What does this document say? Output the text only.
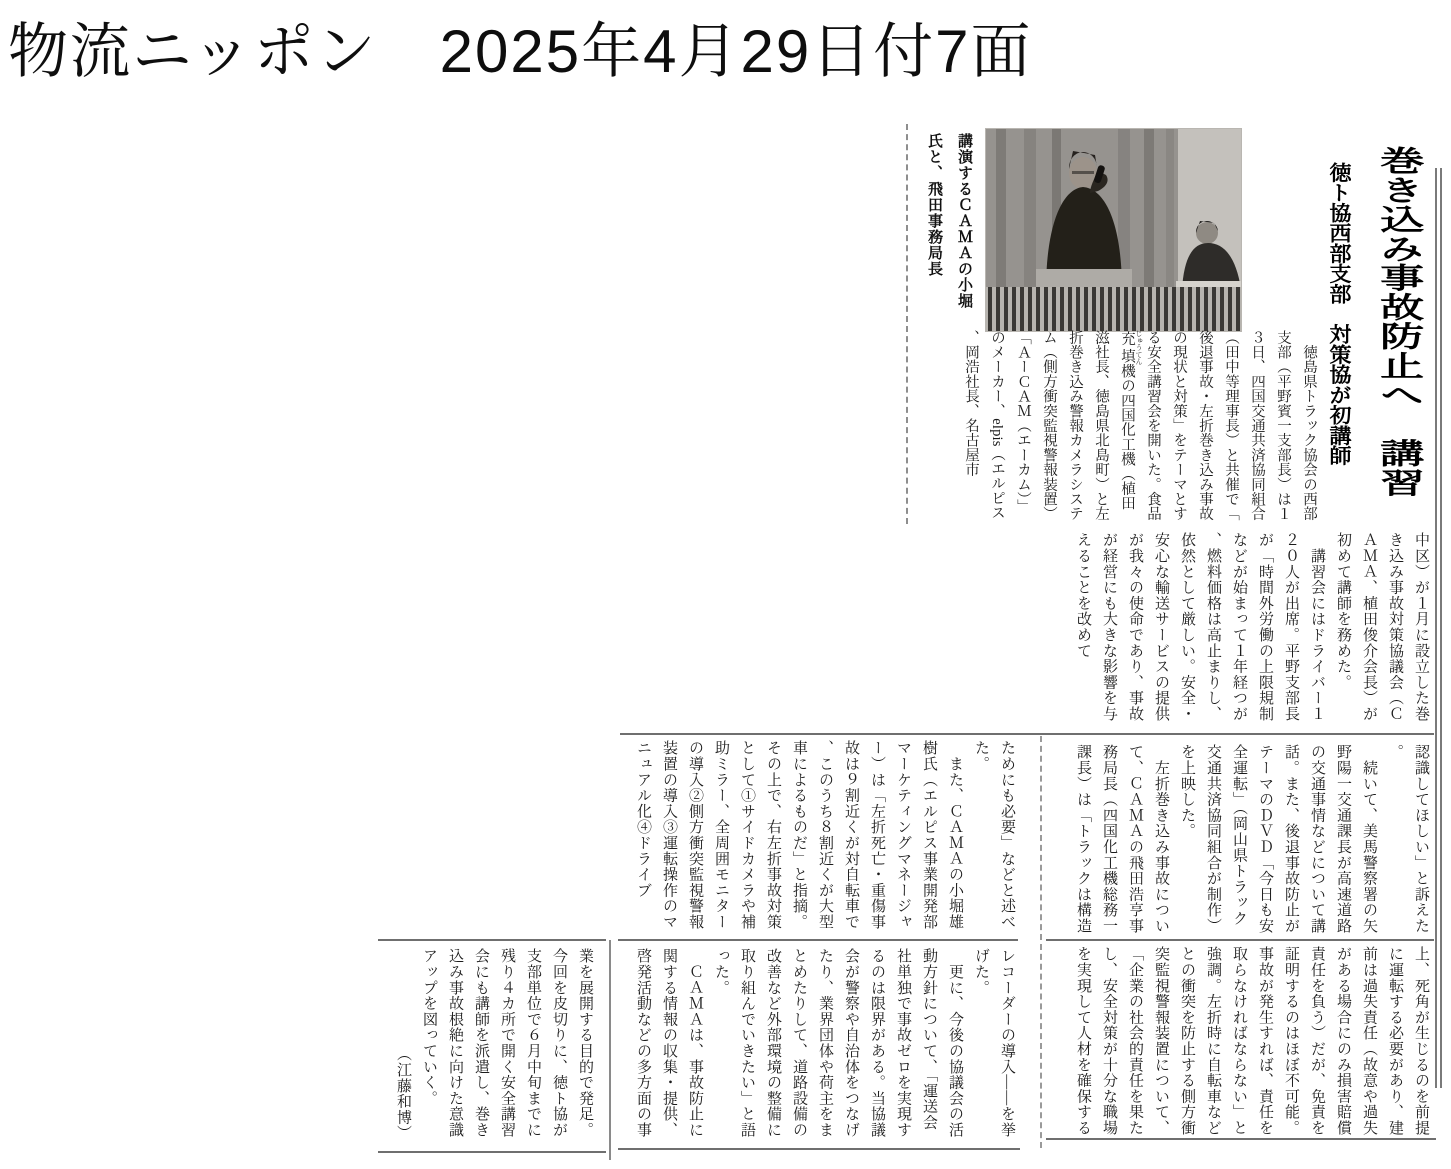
物流ニッポン　2025年4月29日付7面
巻き込み事故防止へ　講習
徳ト協西部支部　対策協が初講師
講演するＣＡＭＡの小堀氏と、飛田事務局長

　徳島県トラック協会の西部支部（平野賓一支部長）は１３日、四国交通共済協同組合（田中等理事長）と共催で「後退事故・左折巻き込み事故の現状と対策」をテーマとする安全講習会を開いた。食品充填 じゅうてん機の四国化工機（植田滋社長、徳島県北島町）と左折巻き込み警報カメラシステム（側方衝突監視警報装置）「ＡーＣＡＭ（エーカム）」のメーカー、elpis（エルピス、岡浩社長、名古屋市

中区）が１月に設立した巻き込み事故対策協議会（ＣＡＭＡ、植田俊介会長）が初めて講師を務めた。

　講習会にはドライバー１２０人が出席。平野支部長が「時間外労働の上限規制などが始まって１年経つが、燃料価格は高止まりし、依然として厳しい。安全・安心な輸送サービスの提供が我々の使命であり、事故が経営にも大きな影響を与えることを改めて

認識してほしい」と訴えた。

　続いて、美馬警察署の矢野陽一交通課長が高速道路の交通事情などについて講話。また、後退事故防止がテーマのＤＶＤ「今日も安全運転」（岡山県トラック交通共済協同組合が制作）を上映した。

　左折巻き込み事故について、ＣＡＭＡの飛田浩亨事務局長（四国化工機総務一課長）は「トラックは構造

上、死角が生じるのを前提に運転する必要があり、建前は過失責任（故意や過失がある場合にのみ損害賠償責任を負う）だが、免責を証明するのはほぼ不可能。事故が発生すれば、責任を取らなければならない」と強調。左折時に自転車などとの衝突を防止する側方衝突監視警報装置について、「企業の社会的責任を果たし、安全対策が十分な職場を実現して人材を確保する

ためにも必要」などと述べた。

　また、ＣＡＭＡの小堀雄樹氏（エルピス事業開発部マーケティングマネージャー）は「左折死亡・重傷事故は９割近くが対自転車で、このうち８割近くが大型車によるものだ」と指摘。その上で、右左折事故対策として①サイドカメラや補助ミラー、全周囲モニターの導入②側方衝突監視警報装置の導入③運転操作のマニュアル化④ドライブ

レコーダーの導入——を挙げた。

　更に、今後の協議会の活動方針について、「運送会社単独で事故ゼロを実現するのは限界がある。当協議会が警察や自治体をつなげたり、業界団体や荷主をまとめたりして、道路設備の改善など外部環境の整備に取り組んでいきたい」と語った。

　ＣＡＭＡは、事故防止に関する情報の収集・提供、啓発活動などの多方面の事

業を展開する目的で発足。今回を皮切りに、徳ト協が支部単位で６月中旬までに残り４カ所で開く安全講習会にも講師を派遣し、巻き込み事故根絶に向けた意識アップを図っていく。

（江藤和博）
